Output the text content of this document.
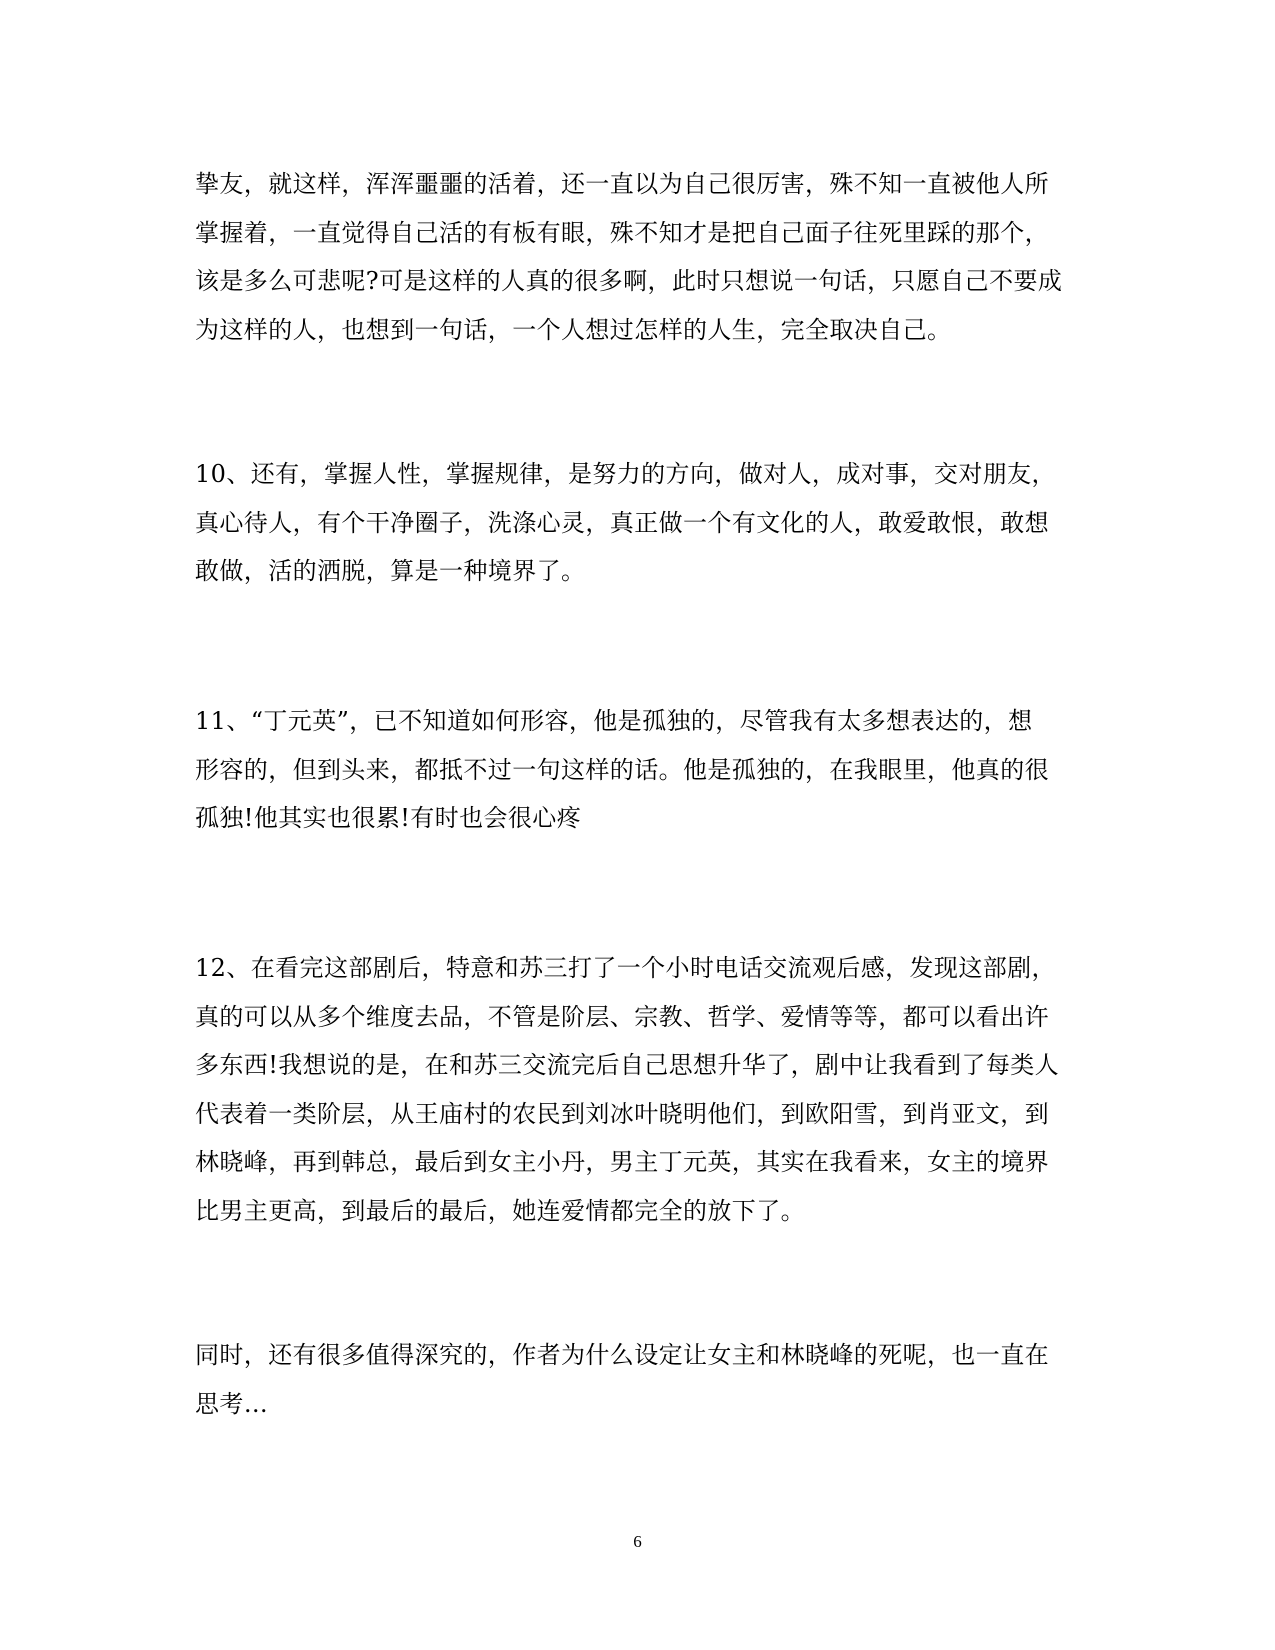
挚友，就这样，浑浑噩噩的活着，还一直以为自己很厉害，殊不知一直被他人所
掌握着，一直觉得自己活的有板有眼，殊不知才是把自己面子往死里踩的那个，
该是多么可悲呢?可是这样的人真的很多啊，此时只想说一句话，只愿自己不要成
为这样的人，也想到一句话，一个人想过怎样的人生，完全取决自己。
10、还有，掌握人性，掌握规律，是努力的方向，做对人，成对事，交对朋友，
真心待人，有个干净圈子，洗涤心灵，真正做一个有文化的人，敢爱敢恨，敢想
敢做，活的洒脱，算是一种境界了。
11、“丁元英”，已不知道如何形容，他是孤独的，尽管我有太多想表达的，想
形容的，但到头来，都抵不过一句这样的话。他是孤独的，在我眼里，他真的很
孤独!他其实也很累!有时也会很心疼
12、在看完这部剧后，特意和苏三打了一个小时电话交流观后感，发现这部剧，
真的可以从多个维度去品，不管是阶层、宗教、哲学、爱情等等，都可以看出许
多东西!我想说的是，在和苏三交流完后自己思想升华了，剧中让我看到了每类人
代表着一类阶层，从王庙村的农民到刘冰叶晓明他们，到欧阳雪，到肖亚文，到
林晓峰，再到韩总，最后到女主小丹，男主丁元英，其实在我看来，女主的境界
比男主更高，到最后的最后，她连爱情都完全的放下了。
同时，还有很多值得深究的，作者为什么设定让女主和林晓峰的死呢，也一直在
思考…
6
